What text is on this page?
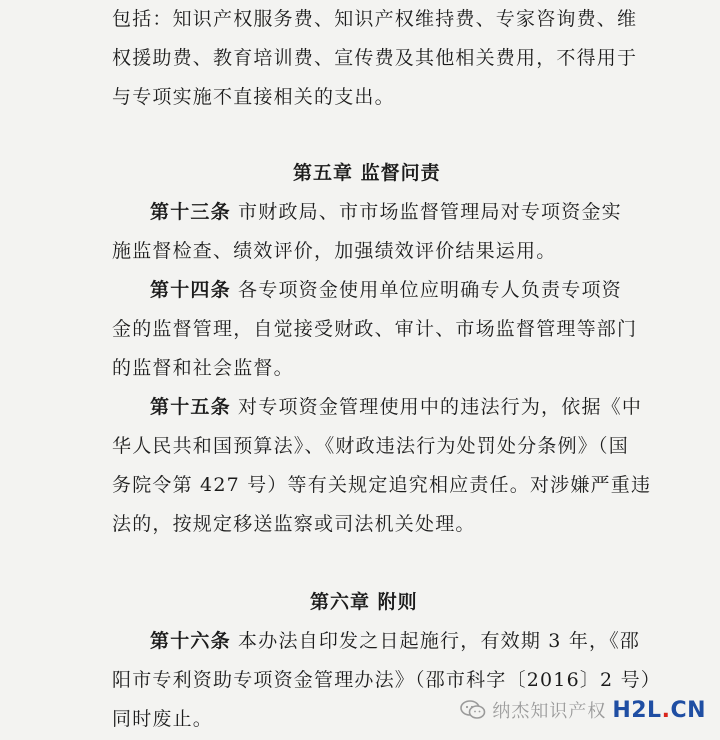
包括：知识产权服务费、知识产权维持费、专家咨询费、维
权援助费、教育培训费、宣传费及其他相关费用，不得用于
与专项实施不直接相关的支出。
第五章 监督问责
第十三条 市财政局、市市场监督管理局对专项资金实
施监督检查、绩效评价，加强绩效评价结果运用。
第十四条 各专项资金使用单位应明确专人负责专项资
金的监督管理，自觉接受财政、审计、市场监督管理等部门
的监督和社会监督。
第十五条 对专项资金管理使用中的违法行为，依据《中
华人民共和国预算法》、《财政违法行为处罚处分条例》（国
务院令第 427 号）等有关规定追究相应责任。对涉嫌严重违
法的，按规定移送监察或司法机关处理。
第六章 附则
第十六条 本办法自印发之日起施行，有效期 3 年，《邵
阳市专利资助专项资金管理办法》（邵市科字〔2016〕2 号）
同时废止。	纳杰知识产权 H2L.CN
